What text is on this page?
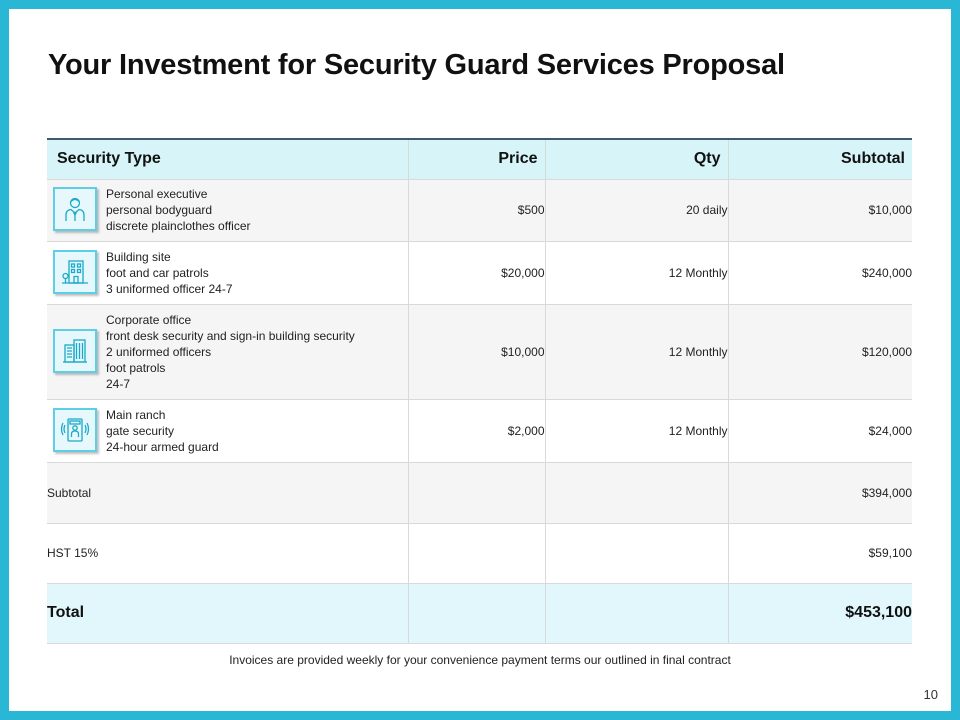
Your Investment for Security Guard Services Proposal
Security Type	Price	Qty	Subtotal

Personal executive
personal bodyguard
discrete plainclothes officer	$500	20 daily	$10,000

Building site
foot and car patrols
3 uniformed officer 24-7	$20,000	12 Monthly	$240,000

Corporate office
front desk security and sign-in building security
2 uniformed officers
foot patrols
24-7	$10,000	12 Monthly	$120,000

Main ranch
gate security
24-hour armed guard	$2,000	12 Monthly	$24,000
Subtotal			$394,000
HST 15%			$59,100
Total			$453,100
Invoices are provided weekly for your convenience payment terms our outlined in final contract
10
